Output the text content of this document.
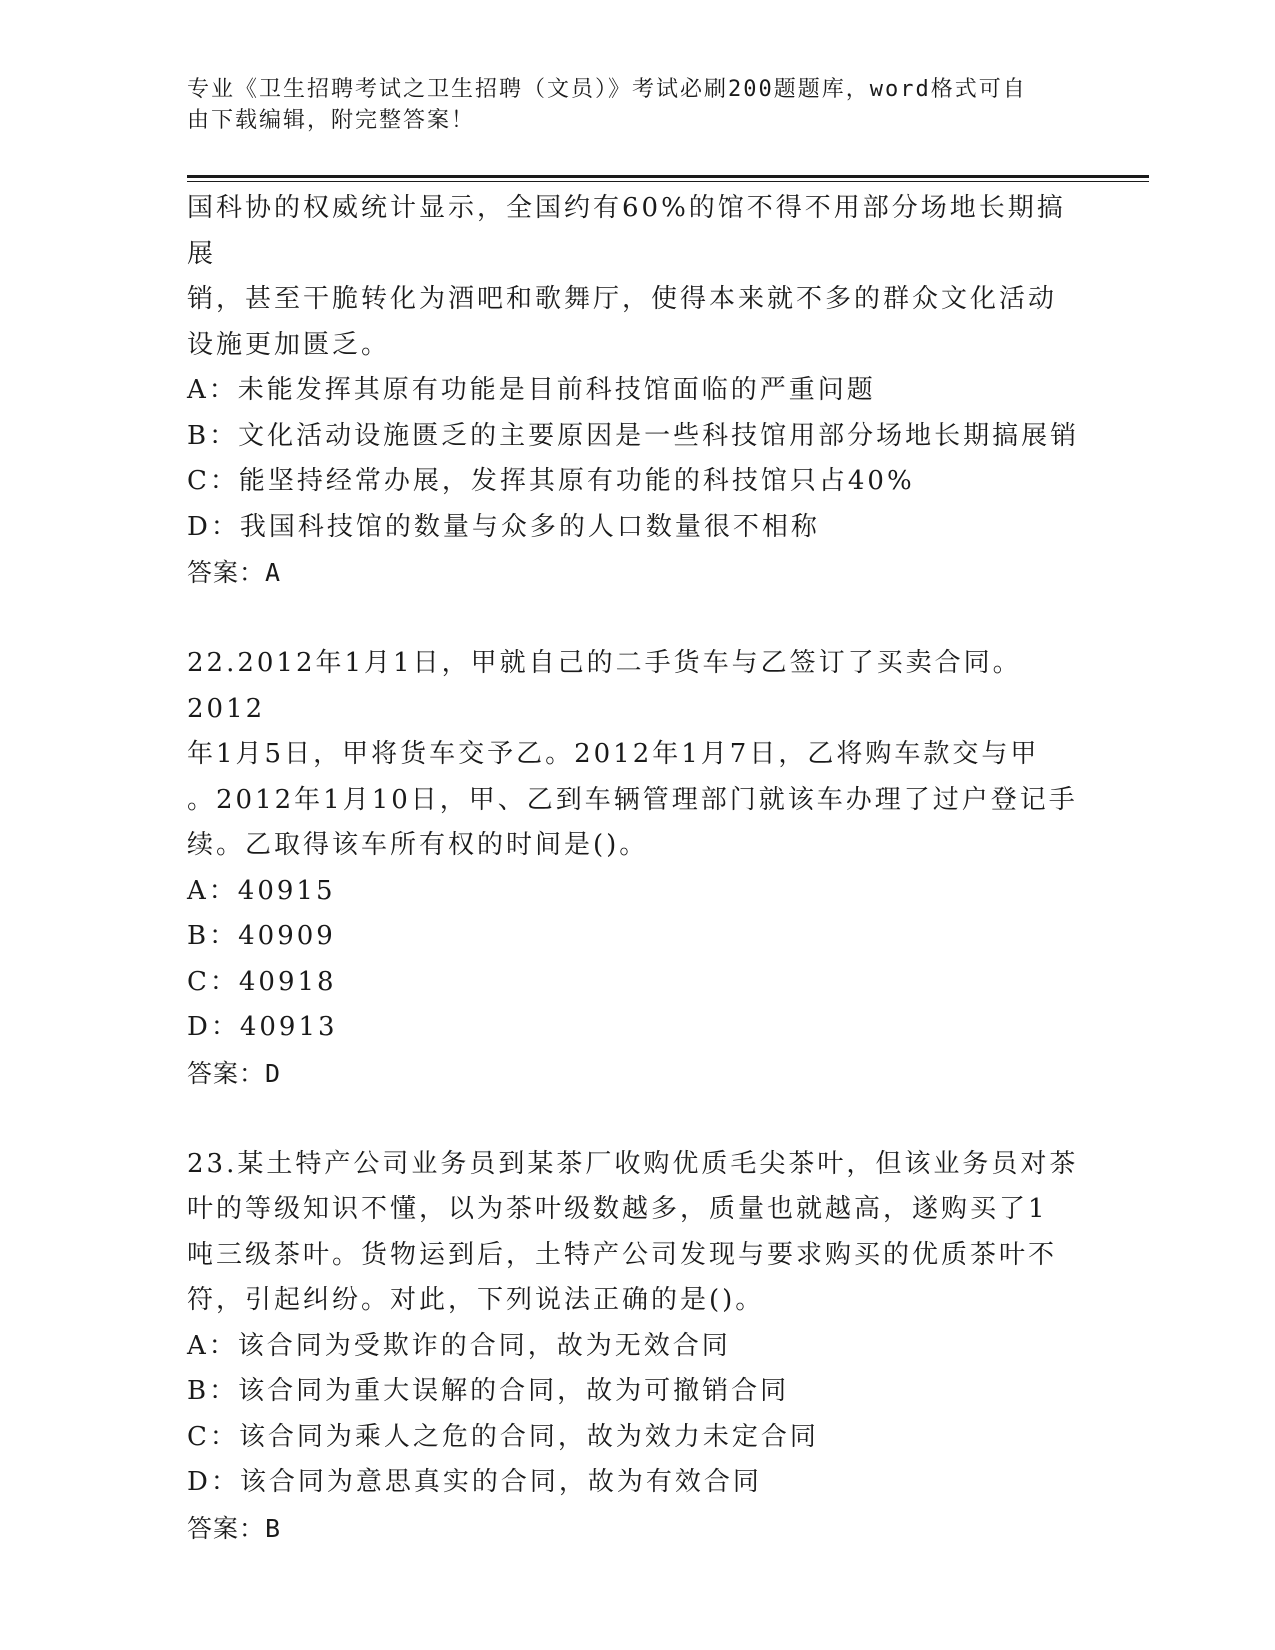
专业《卫生招聘考试之卫生招聘（文员）》考试必刷200题题库，word格式可自
由下载编辑，附完整答案！

国科协的权威统计显示，全国约有60%的馆不得不用部分场地长期搞展

销，甚至干脆转化为酒吧和歌舞厅，使得本来就不多的群众文化活动

设施更加匮乏。

A：未能发挥其原有功能是目前科技馆面临的严重问题

B：文化活动设施匮乏的主要原因是一些科技馆用部分场地长期搞展销

C：能坚持经常办展，发挥其原有功能的科技馆只占40%

D：我国科技馆的数量与众多的人口数量很不相称

答案：A

22.2012年1月1日，甲就自己的二手货车与乙签订了买卖合同。2012

年1月5日，甲将货车交予乙。2012年1月7日，乙将购车款交与甲

。2012年1月10日，甲、乙到车辆管理部门就该车办理了过户登记手

续。乙取得该车所有权的时间是()。

A：40915

B：40909

C：40918

D：40913

答案：D

23.某土特产公司业务员到某茶厂收购优质毛尖茶叶，但该业务员对茶

叶的等级知识不懂，以为茶叶级数越多，质量也就越高，遂购买了1

吨三级茶叶。货物运到后，土特产公司发现与要求购买的优质茶叶不

符，引起纠纷。对此，下列说法正确的是()。

A：该合同为受欺诈的合同，故为无效合同

B：该合同为重大误解的合同，故为可撤销合同

C：该合同为乘人之危的合同，故为效力未定合同

D：该合同为意思真实的合同，故为有效合同

答案：B
